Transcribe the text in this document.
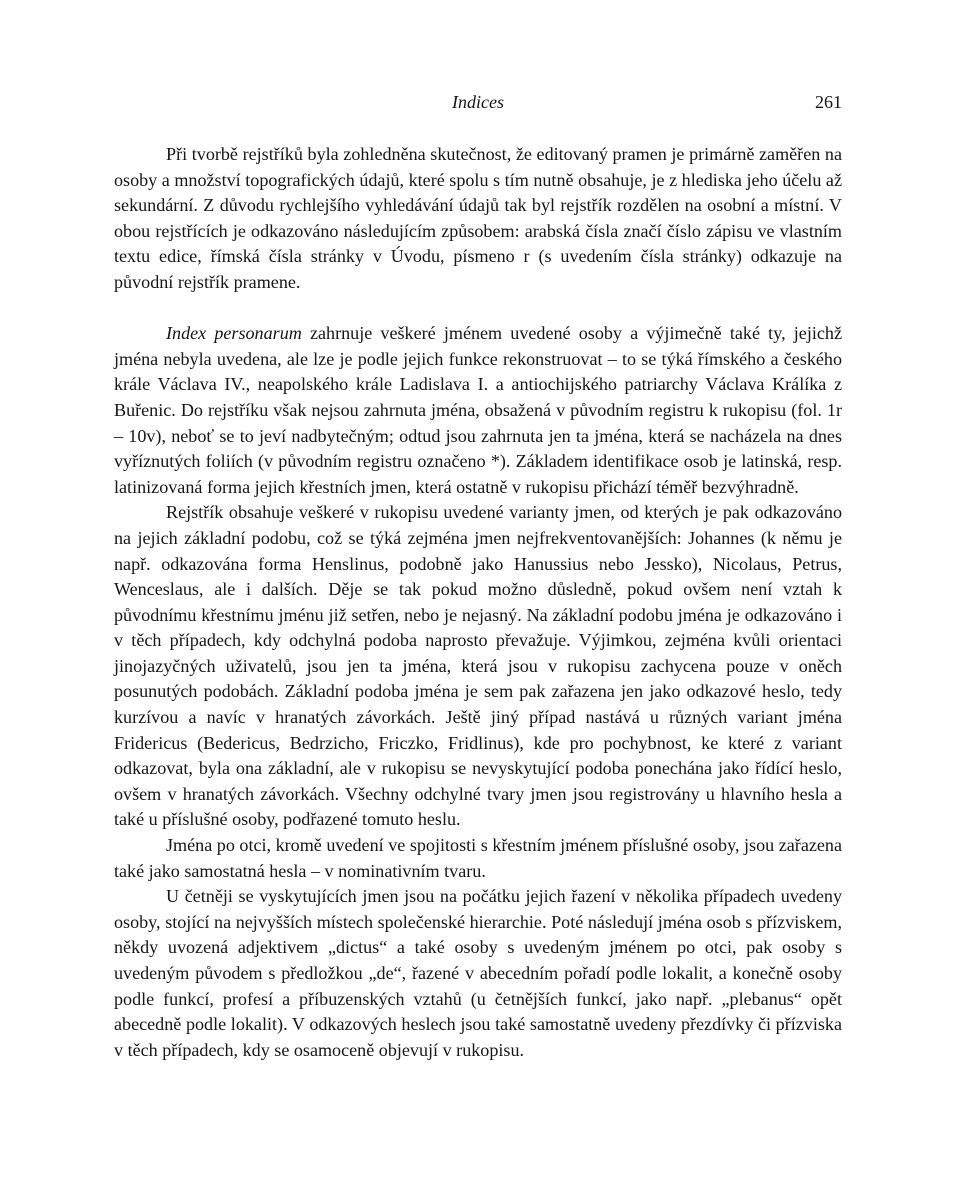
Indices	261

Při tvorbě rejstříků byla zohledněna skutečnost, že editovaný pramen je primárně zaměřen na osoby a množství topografických údajů, které spolu s tím nutně obsahuje, je z hlediska jeho účelu až sekundární. Z důvodu rychlejšího vyhledávání údajů tak byl rejstřík rozdělen na osobní a místní. V obou rejstřících je odkazováno následujícím způsobem: arabská čísla značí číslo zápisu ve vlastním textu edice, římská čísla stránky v Úvodu, písmeno r (s uvedením čísla stránky) odkazuje na původní rejstřík pramene.

Index personarum zahrnuje veškeré jménem uvedené osoby a výjimečně také ty, jejichž jména nebyla uvedena, ale lze je podle jejich funkce rekonstruovat – to se týká římského a českého krále Václava IV., neapolského krále Ladislava I. a antiochijského patriarchy Václava Králíka z Buřenic. Do rejstříku však nejsou zahrnuta jména, obsažená v původním registru k rukopisu (fol. 1r – 10v), neboť se to jeví nadbytečným; odtud jsou zahrnuta jen ta jména, která se nacházela na dnes vyříznutých foliích (v původním registru označeno *). Základem identifikace osob je latinská, resp. latinizovaná forma jejich křestních jmen, která ostatně v rukopisu přichází téměř bezvýhradně.

Rejstřík obsahuje veškeré v rukopisu uvedené varianty jmen, od kterých je pak odkazováno na jejich základní podobu, což se týká zejména jmen nejfrekventovanějších: Johannes (k němu je např. odkazována forma Henslinus, podobně jako Hanussius nebo Jessko), Nicolaus, Petrus, Wenceslaus, ale i dalších. Děje se tak pokud možno důsledně, pokud ovšem není vztah k původnímu křestnímu jménu již setřen, nebo je nejasný. Na základní podobu jména je odkazováno i v těch případech, kdy odchylná podoba naprosto převažuje. Výjimkou, zejména kvůli orientaci jinojazyčných uživatelů, jsou jen ta jména, která jsou v rukopisu zachycena pouze v oněch posunutých podobách. Základní podoba jména je sem pak zařazena jen jako odkazové heslo, tedy kurzívou a navíc v hranatých závorkách. Ještě jiný případ nastává u různých variant jména Fridericus (Bedericus, Bedrzicho, Friczko, Fridlinus), kde pro pochybnost, ke které z variant odkazovat, byla ona základní, ale v rukopisu se nevyskytující podoba ponechána jako řídící heslo, ovšem v hranatých závorkách. Všechny odchylné tvary jmen jsou registrovány u hlavního hesla a také u příslušné osoby, podřazené tomuto heslu.

Jména po otci, kromě uvedení ve spojitosti s křestním jménem příslušné osoby, jsou zařazena také jako samostatná hesla – v nominativním tvaru.

U četněji se vyskytujících jmen jsou na počátku jejich řazení v několika případech uvedeny osoby, stojící na nejvyšších místech společenské hierarchie. Poté následují jména osob s přízviskem, někdy uvozená adjektivem „dictus“ a také osoby s uvedeným jménem po otci, pak osoby s uvedeným původem s předložkou „de“, řazené v abecedním pořadí podle lokalit, a konečně osoby podle funkcí, profesí a příbuzenských vztahů (u četnějších funkcí, jako např. „plebanus“ opět abecedně podle lokalit). V odkazových heslech jsou také samostatně uvedeny přezdívky či přízviska v těch případech, kdy se osamoceně objevují v rukopisu.
